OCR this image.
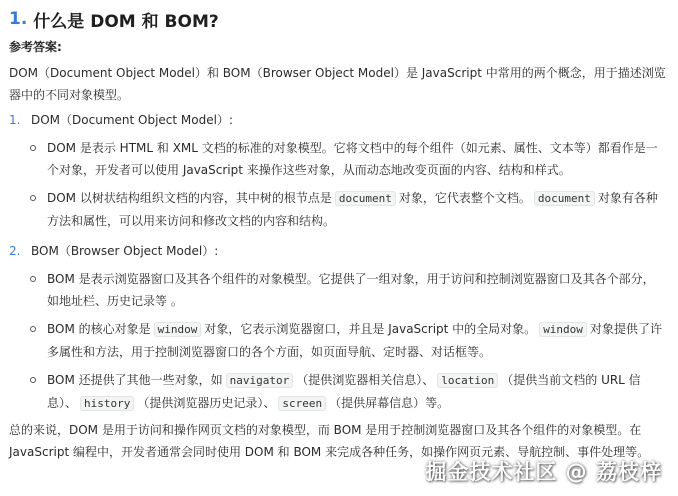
1. 什么是 DOM 和 BOM?
参考答案:
DOM（Document Object Model）和 BOM（Browser Object Model）是 JavaScript 中常用的两个概念，用于描述浏览器中的不同对象模型。
1. DOM（Document Object Model）:
DOM 是表示 HTML 和 XML 文档的标准的对象模型。它将文档中的每个组件（如元素、属性、文本等）都看作是一个对象，开发者可以使用 JavaScript 来操作这些对象，从而动态地改变页面的内容、结构和样式。
DOM 以树状结构组织文档的内容，其中树的根节点是 document 对象，它代表整个文档。 document 对象有各种方法和属性，可以用来访问和修改文档的内容和结构。
2. BOM（Browser Object Model）:
BOM 是表示浏览器窗口及其各个组件的对象模型。它提供了一组对象，用于访问和控制浏览器窗口及其各个部分，如地址栏、历史记录等 。
BOM 的核心对象是 window 对象，它表示浏览器窗口，并且是 JavaScript 中的全局对象。 window 对象提供了许多属性和方法，用于控制浏览器窗口的各个方面，如页面导航、定时器、对话框等。
BOM 还提供了其他一些对象，如 navigator （提供浏览器相关信息）、 location （提供当前文档的 URL 信息）、 history （提供浏览器历史记录）、 screen （提供屏幕信息）等。
总的来说，DOM 是用于访问和操作网页文档的对象模型，而 BOM 是用于控制浏览器窗口及其各个组件的对象模型。在 JavaScript 编程中，开发者通常会同时使用 DOM 和 BOM 来完成各种任务，如操作网页元素、导航控制、事件处理等。
掘金技术社区 @ 荔枝梓
